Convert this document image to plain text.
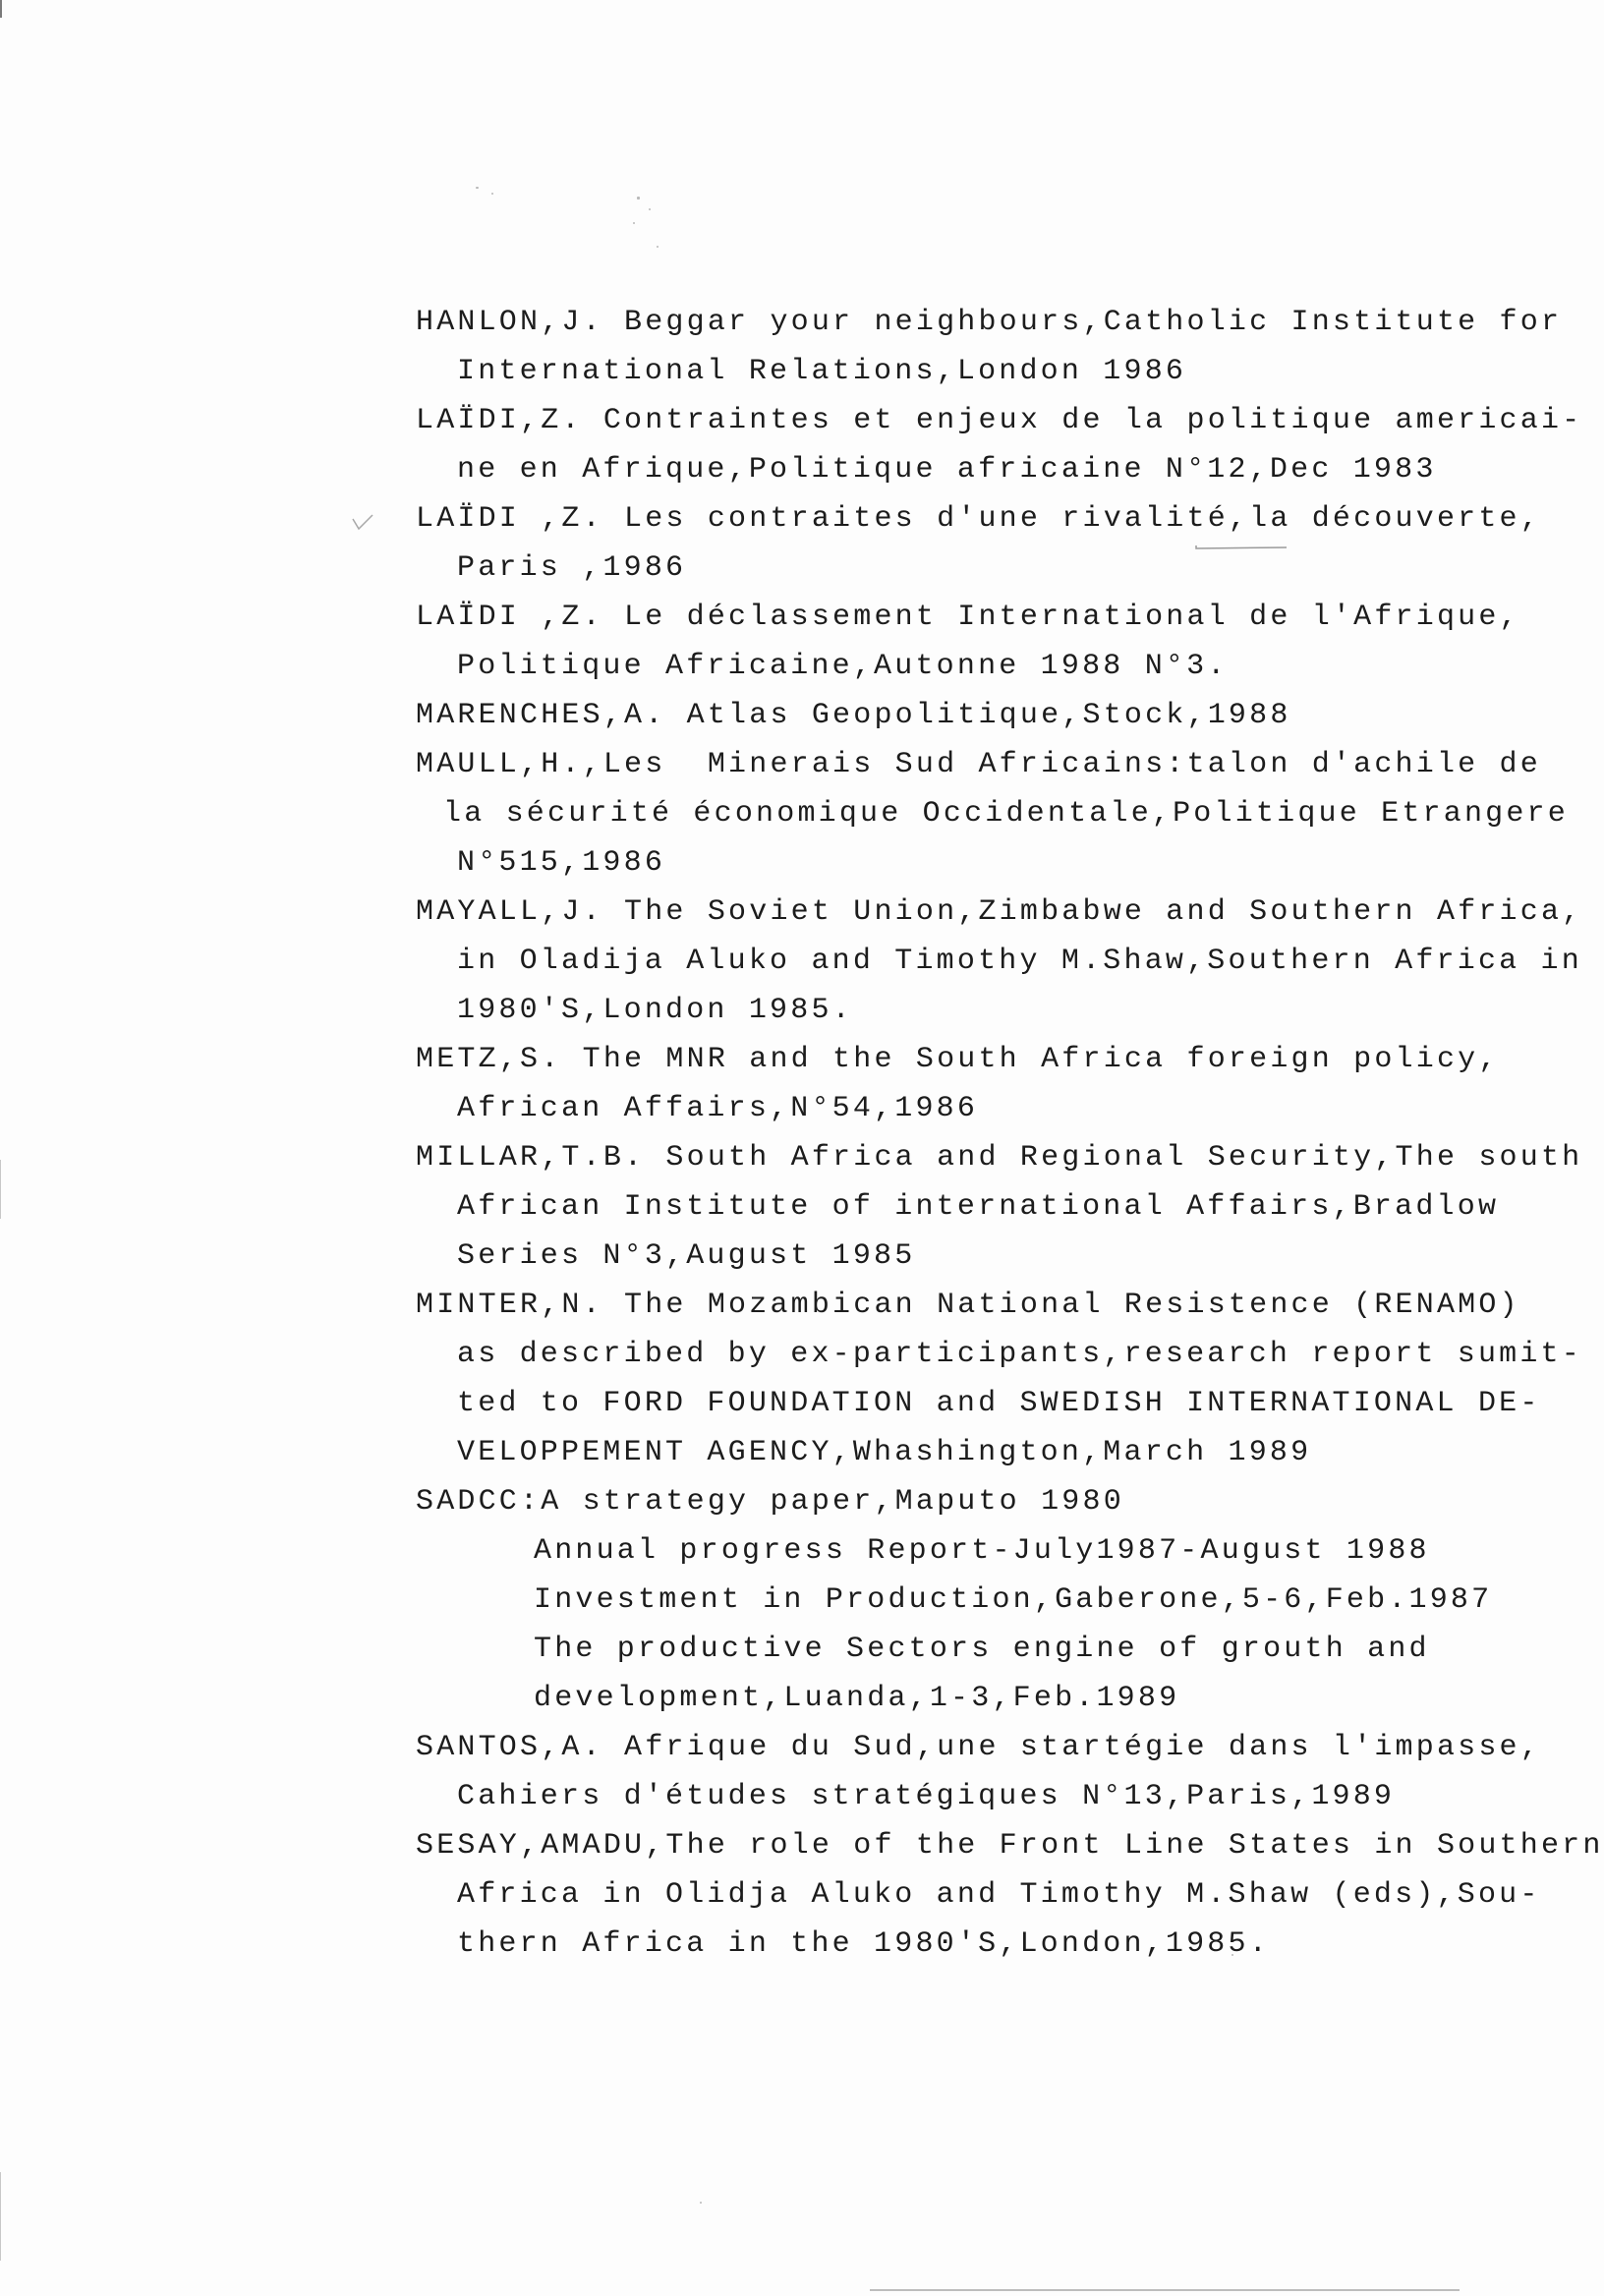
HANLON,J. Beggar your neighbours,Catholic Institute for
International Relations,London 1986
LAÏDI,Z. Contraintes et enjeux de la politique americai-
ne en Afrique,Politique africaine N°12,Dec 1983
LAÏDI ,Z. Les contraites d'une rivalité,la découverte,
Paris ,1986
LAÏDI ,Z. Le déclassement International de l'Afrique,
Politique Africaine,Autonne 1988 N°3.
MARENCHES,A. Atlas Geopolitique,Stock,1988
MAULL,H.,Les  Minerais Sud Africains:talon d'achile de
la sécurité économique Occidentale,Politique Etrangere
N°515,1986
MAYALL,J. The Soviet Union,Zimbabwe and Southern Africa,
in Oladija Aluko and Timothy M.Shaw,Southern Africa in
1980'S,London 1985.
METZ,S. The MNR and the South Africa foreign policy,
African Affairs,N°54,1986
MILLAR,T.B. South Africa and Regional Security,The south
African Institute of international Affairs,Bradlow
Series N°3,August 1985
MINTER,N. The Mozambican National Resistence (RENAMO)
as described by ex-participants,research report sumit-
ted to FORD FOUNDATION and SWEDISH INTERNATIONAL DE-
VELOPPEMENT AGENCY,Whashington,March 1989
SADCC:A strategy paper,Maputo 1980
Annual progress Report-July1987-August 1988
Investment in Production,Gaberone,5-6,Feb.1987
The productive Sectors engine of grouth and
development,Luanda,1-3,Feb.1989
SANTOS,A. Afrique du Sud,une startégie dans l'impasse,
Cahiers d'études stratégiques N°13,Paris,1989
SESAY,AMADU,The role of the Front Line States in Southern
Africa in Olidja Aluko and Timothy M.Shaw (eds),Sou-
thern Africa in the 1980'S,London,1985.
